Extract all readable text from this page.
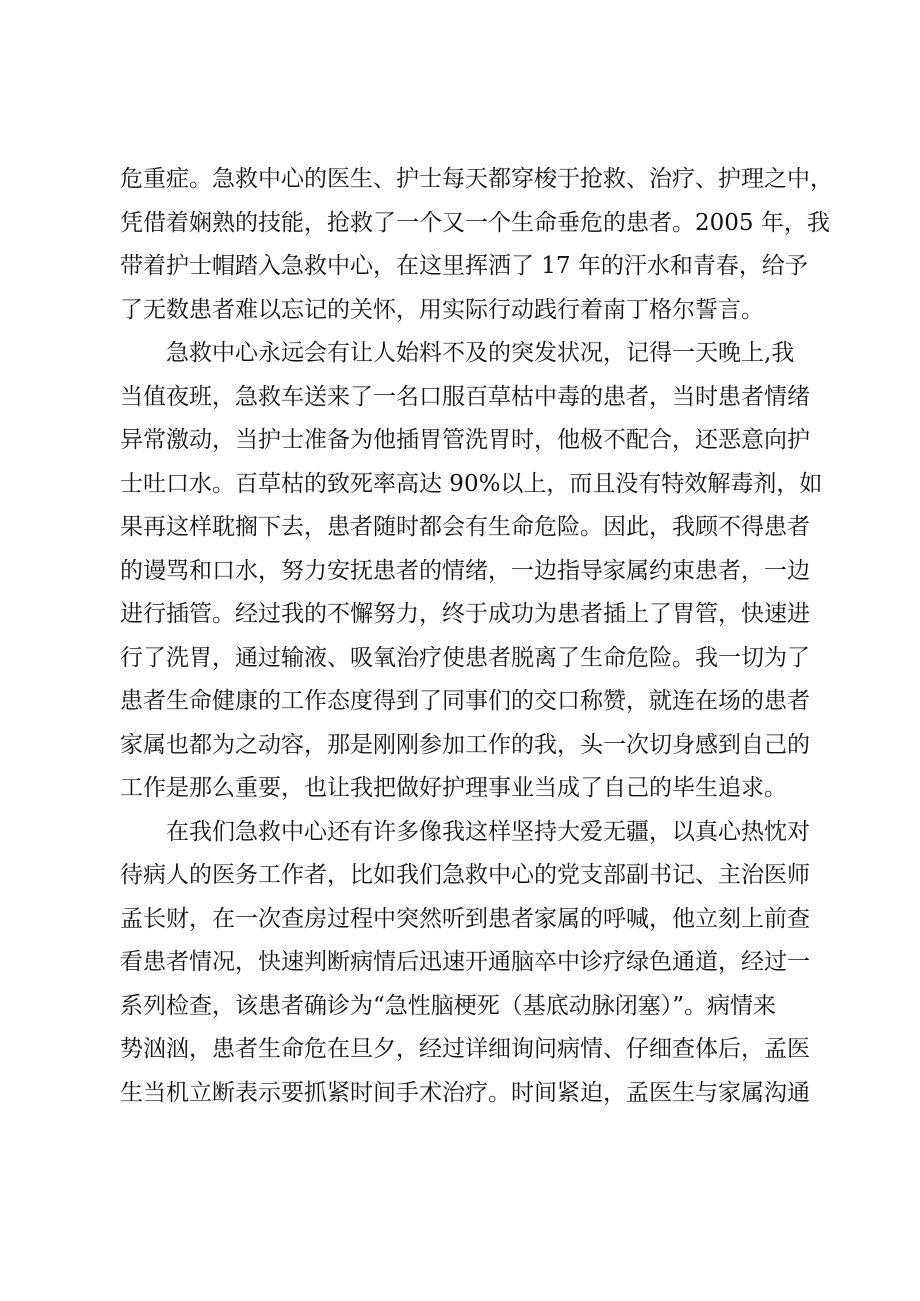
危重症。急救中心的医生、护士每天都穿梭于抢救、治疗、护理之中，
凭借着娴熟的技能，抢救了一个又一个生命垂危的患者。2005 年，我
带着护士帽踏入急救中心，在这里挥洒了 17 年的汗水和青春，给予
了无数患者难以忘记的关怀，用实际行动践行着南丁格尔誓言。
　　急救中心永远会有让人始料不及的突发状况，记得一天晚上,我
当值夜班，急救车送来了一名口服百草枯中毒的患者，当时患者情绪
异常激动，当护士准备为他插胃管洗胃时，他极不配合，还恶意向护
士吐口水。百草枯的致死率高达 90%以上，而且没有特效解毒剂，如
果再这样耽搁下去，患者随时都会有生命危险。因此，我顾不得患者
的谩骂和口水，努力安抚患者的情绪，一边指导家属约束患者，一边
进行插管。经过我的不懈努力，终于成功为患者插上了胃管，快速进
行了洗胃，通过输液、吸氧治疗使患者脱离了生命危险。我一切为了
患者生命健康的工作态度得到了同事们的交口称赞，就连在场的患者
家属也都为之动容，那是刚刚参加工作的我，头一次切身感到自己的
工作是那么重要，也让我把做好护理事业当成了自己的毕生追求。
　　在我们急救中心还有许多像我这样坚持大爱无疆，以真心热忱对
待病人的医务工作者，比如我们急救中心的党支部副书记、主治医师
孟长财，在一次查房过程中突然听到患者家属的呼喊，他立刻上前查
看患者情况，快速判断病情后迅速开通脑卒中诊疗绿色通道，经过一
系列检查，该患者确诊为“急性脑梗死（基底动脉闭塞）”。病情来
势汹汹，患者生命危在旦夕，经过详细询问病情、仔细查体后，孟医
生当机立断表示要抓紧时间手术治疗。时间紧迫，孟医生与家属沟通
